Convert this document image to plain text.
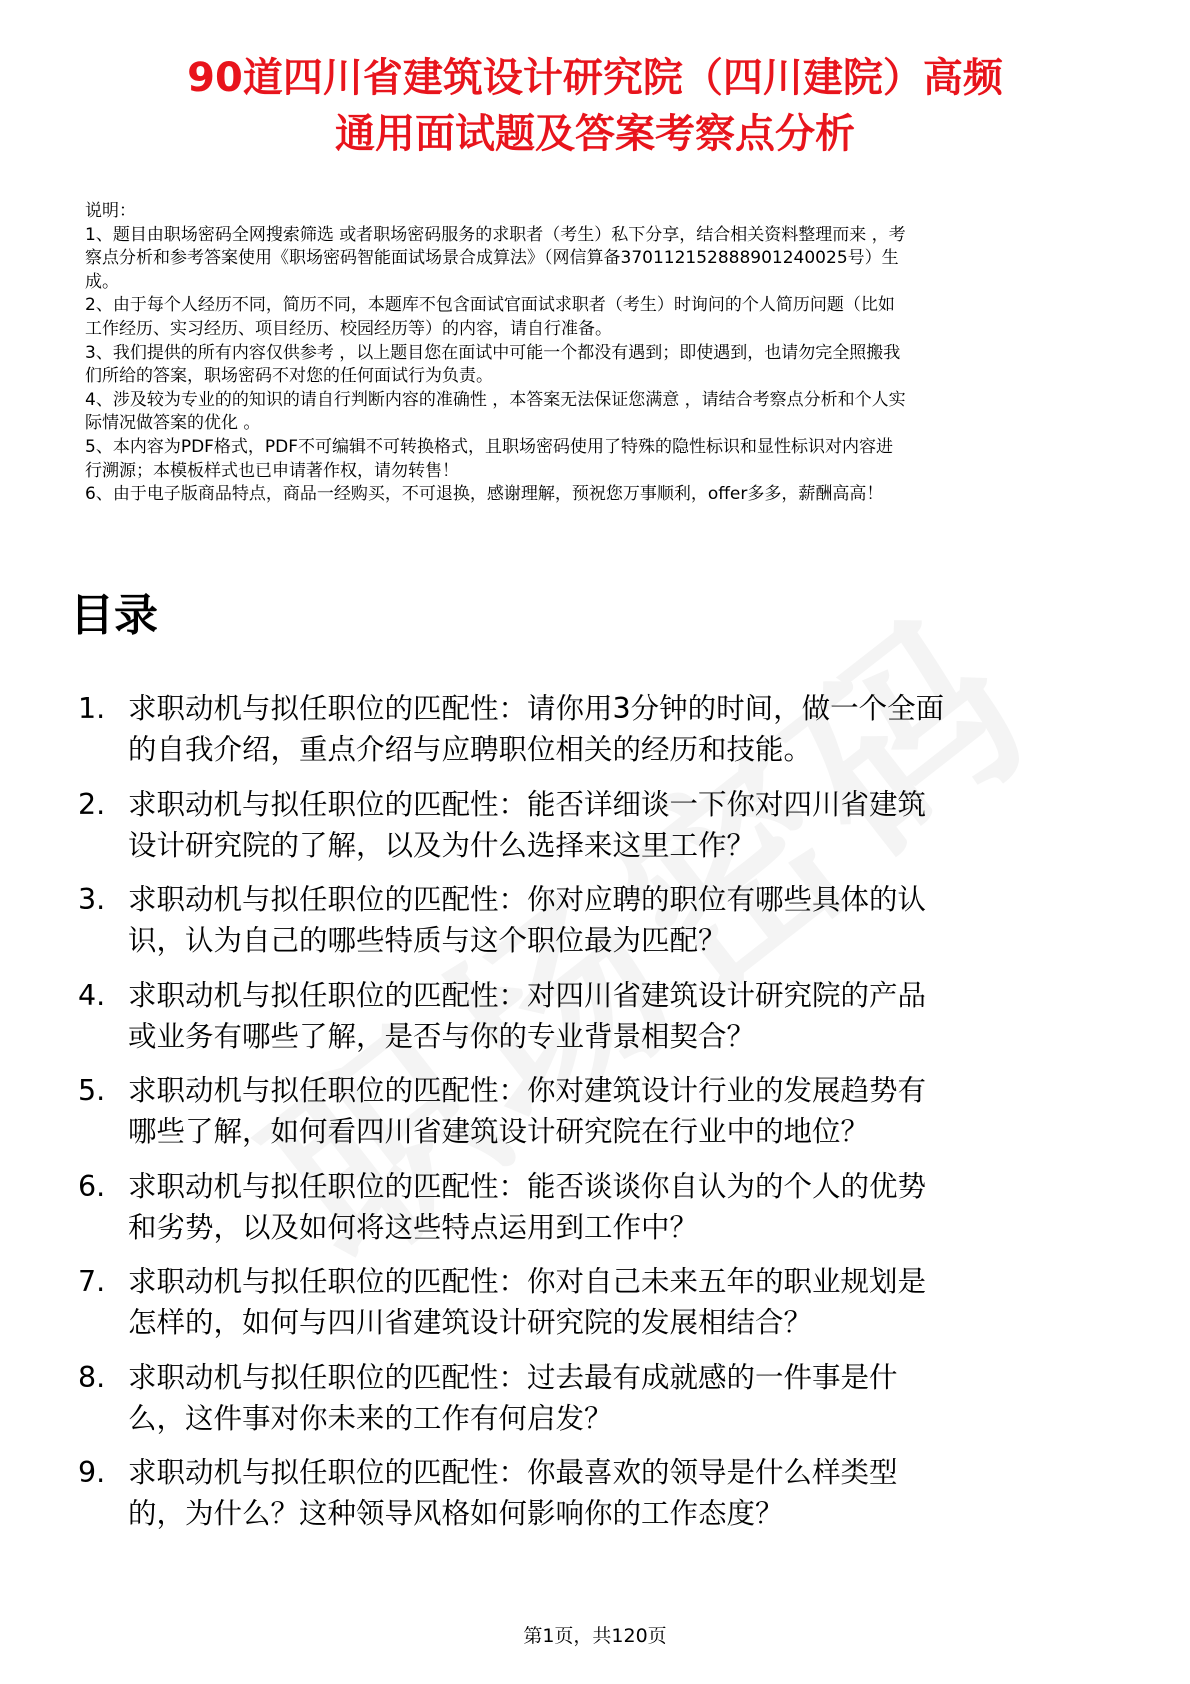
90道四川省建筑设计研究院（四川建院）高频
通用面试题及答案考察点分析

说明：

1、题目由职场密码全网搜索筛选 或者职场密码服务的求职者（考生）私下分享，结合相关资料整理而来 ，考

察点分析和参考答案使用《职场密码智能面试场景合成算法》（网信算备370112152888901240025号）生

成。

2、由于每个人经历不同，简历不同，本题库不包含面试官面试求职者（考生）时询问的个人简历问题（比如

工作经历、实习经历、项目经历、校园经历等）的内容，请自行准备。

3、我们提供的所有内容仅供参考 ，以上题目您在面试中可能一个都没有遇到；即使遇到，也请勿完全照搬我

们所给的答案，职场密码不对您的任何面试行为负责。

4、涉及较为专业的的知识的请自行判断内容的准确性 ，本答案无法保证您满意 ，请结合考察点分析和个人实

际情况做答案的优化 。

5、本内容为PDF格式，PDF不可编辑不可转换格式，且职场密码使用了特殊的隐性标识和显性标识对内容进

行溯源；本模板样式也已申请著作权，请勿转售！

6、由于电子版商品特点，商品一经购买，不可退换，感谢理解，预祝您万事顺利，offer多多，薪酬高高！

目录
1. 求职动机与拟任职位的匹配性：请你用3分钟的时间，做一个全面
的自我介绍，重点介绍与应聘职位相关的经历和技能。
2. 求职动机与拟任职位的匹配性：能否详细谈一下你对四川省建筑
设计研究院的了解，以及为什么选择来这里工作？
3. 求职动机与拟任职位的匹配性：你对应聘的职位有哪些具体的认
识，认为自己的哪些特质与这个职位最为匹配？
4. 求职动机与拟任职位的匹配性：对四川省建筑设计研究院的产品
或业务有哪些了解，是否与你的专业背景相契合？
5. 求职动机与拟任职位的匹配性：你对建筑设计行业的发展趋势有
哪些了解，如何看四川省建筑设计研究院在行业中的地位？
6. 求职动机与拟任职位的匹配性：能否谈谈你自认为的个人的优势
和劣势，以及如何将这些特点运用到工作中？
7. 求职动机与拟任职位的匹配性：你对自己未来五年的职业规划是
怎样的，如何与四川省建筑设计研究院的发展相结合？
8. 求职动机与拟任职位的匹配性：过去最有成就感的一件事是什
么，这件事对你未来的工作有何启发？
9. 求职动机与拟任职位的匹配性：你最喜欢的领导是什么样类型
的，为什么？这种领导风格如何影响你的工作态度？
第1页，共120页
